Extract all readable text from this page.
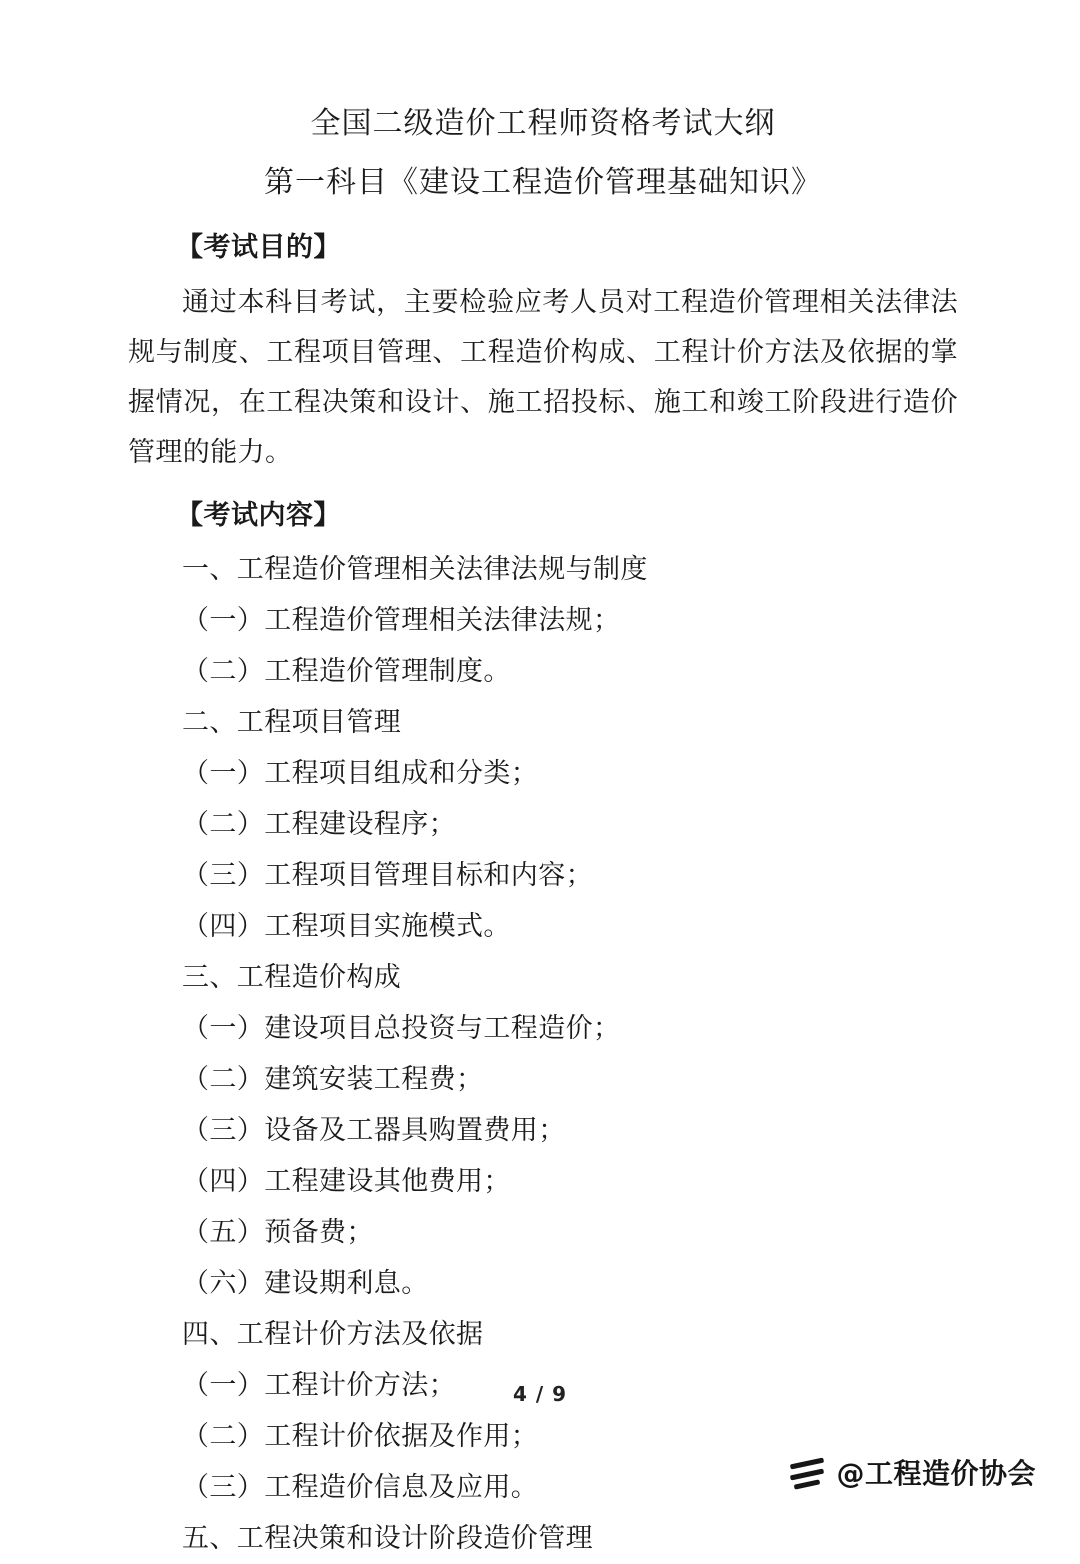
全国二级造价工程师资格考试大纲
第一科目《建设工程造价管理基础知识》
【考试目的】

通过本科目考试，主要检验应考人员对工程造价管理相关法律法规与制度、工程项目管理、工程造价构成、工程计价方法及依据的掌握情况，在工程决策和设计、施工招投标、施工和竣工阶段进行造价管理的能力。

【考试内容】
一、工程造价管理相关法律法规与制度
（一）工程造价管理相关法律法规；
（二）工程造价管理制度。
二、工程项目管理
（一）工程项目组成和分类；
（二）工程建设程序；
（三）工程项目管理目标和内容；
（四）工程项目实施模式。
三、工程造价构成
（一）建设项目总投资与工程造价；
（二）建筑安装工程费；
（三）设备及工器具购置费用；
（四）工程建设其他费用；
（五）预备费；
（六）建设期利息。
四、工程计价方法及依据
（一）工程计价方法；
（二）工程计价依据及作用；
（三）工程造价信息及应用。
五、工程决策和设计阶段造价管理
4 / 9
@工程造价协会
